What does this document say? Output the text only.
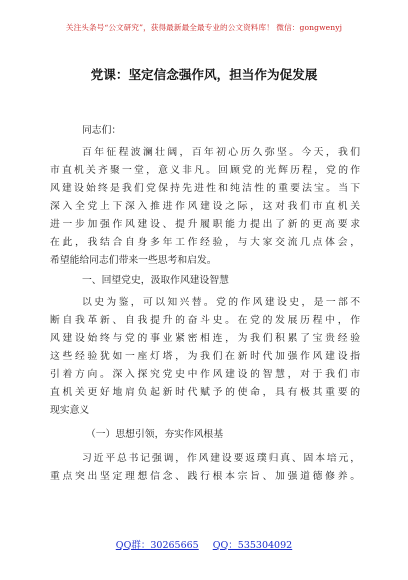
关注头条号“公文研究”，获得最新最全最专业的公文资料库！ 微信：gongwenyj
党课：坚定信念强作风，担当作为促发展
同志们：
百年征程波澜壮阔，百年初心历久弥坚。今天，我们
市直机关齐聚一堂，意义非凡。回顾党的光辉历程，党的作
风建设始终是我们党保持先进性和纯洁性的重要法宝。当下
深入全党上下深入推进作风建设之际，这对我们市直机关
进一步加强作风建设、提升履职能力提出了新的更高要求
在此，我结合自身多年工作经验，与大家交流几点体会，
希望能给同志们带来一些思考和启发。
一、回望党史，汲取作风建设智慧
以史为鉴，可以知兴替。党的作风建设史，是一部不
断自我革新、自我提升的奋斗史。在党的发展历程中，作
风建设始终与党的事业紧密相连，为我们积累了宝贵经验
这些经验犹如一座灯塔，为我们在新时代加强作风建设指
引着方向。深入探究党史中作风建设的智慧，对于我们市
直机关更好地肩负起新时代赋予的使命，具有极其重要的
现实意义
（一）思想引领，夯实作风根基
习近平总书记强调，作风建设要返璞归真、固本培元，
重点突出坚定理想信念、践行根本宗旨、加强道德修养。
QQ群：30265665 QQ：535304092
